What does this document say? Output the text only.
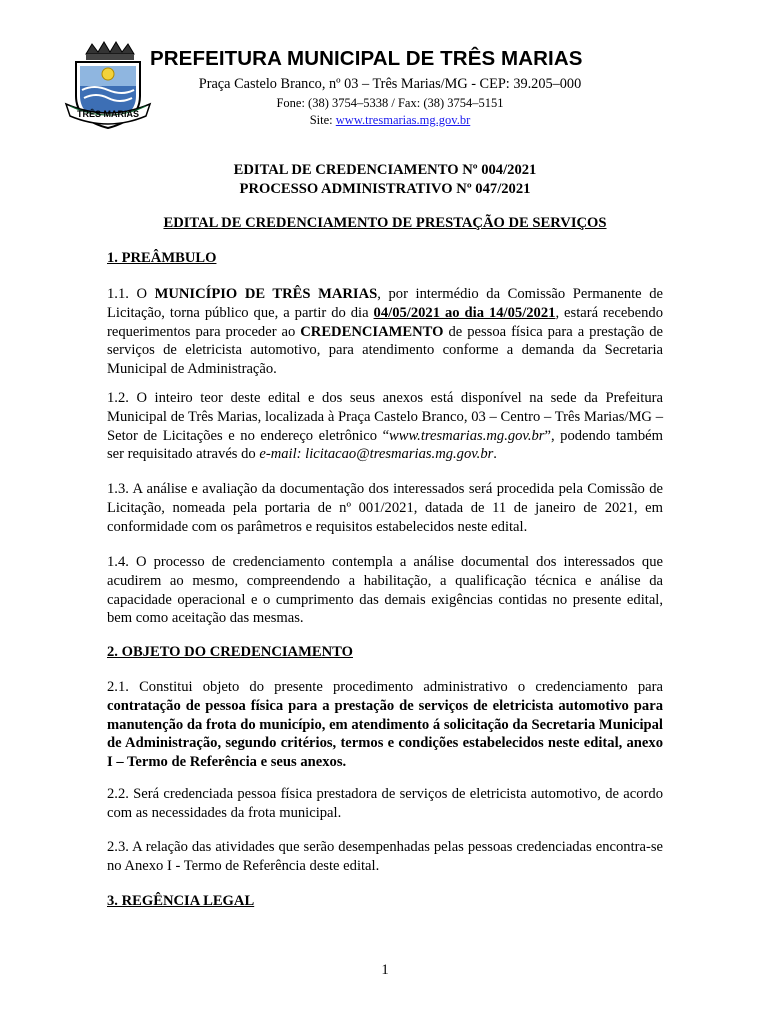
TRÊS MARIAS
PREFEITURA MUNICIPAL DE TRÊS MARIAS
Praça Castelo Branco, nº 03 – Três Marias/MG - CEP: 39.205–000
Fone: (38) 3754–5338 / Fax: (38) 3754–5151
Site: www.tresmarias.mg.gov.br
EDITAL DE CREDENCIAMENTO Nº 004/2021
PROCESSO ADMINISTRATIVO Nº 047/2021
EDITAL DE CREDENCIAMENTO DE PRESTAÇÃO DE SERVIÇOS
1. PREÂMBULO
1.1. O MUNICÍPIO DE TRÊS MARIAS, por intermédio da Comissão Permanente de Licitação, torna público que, a partir do dia 04/05/2021 ao dia 14/05/2021, estará recebendo requerimentos para proceder ao CREDENCIAMENTO de pessoa física para a prestação de serviços de eletricista automotivo, para atendimento conforme a demanda da Secretaria Municipal de Administração.
1.2. O inteiro teor deste edital e dos seus anexos está disponível na sede da Prefeitura Municipal de Três Marias, localizada à Praça Castelo Branco, 03 – Centro – Três Marias/MG – Setor de Licitações e no endereço eletrônico “www.tresmarias.mg.gov.br”, podendo também ser requisitado através do e-mail: licitacao@tresmarias.mg.gov.br.
1.3. A análise e avaliação da documentação dos interessados será procedida pela Comissão de Licitação, nomeada pela portaria de nº 001/2021, datada de 11 de janeiro de 2021, em conformidade com os parâmetros e requisitos estabelecidos neste edital.
1.4. O processo de credenciamento contempla a análise documental dos interessados que acudirem ao mesmo, compreendendo a habilitação, a qualificação técnica e análise da capacidade operacional e o cumprimento das demais exigências contidas no presente edital, bem como aceitação das mesmas.
2. OBJETO DO CREDENCIAMENTO
2.1. Constitui objeto do presente procedimento administrativo o credenciamento para contratação de pessoa física para a prestação de serviços de eletricista automotivo para manutenção da frota do município, em atendimento á solicitação da Secretaria Municipal de Administração, segundo critérios, termos e condições estabelecidos neste edital, anexo I – Termo de Referência e seus anexos.
2.2. Será credenciada pessoa física prestadora de serviços de eletricista automotivo, de acordo com as necessidades da frota municipal.
2.3. A relação das atividades que serão desempenhadas pelas pessoas credenciadas encontra-se no Anexo I - Termo de Referência deste edital.
3. REGÊNCIA LEGAL
1
